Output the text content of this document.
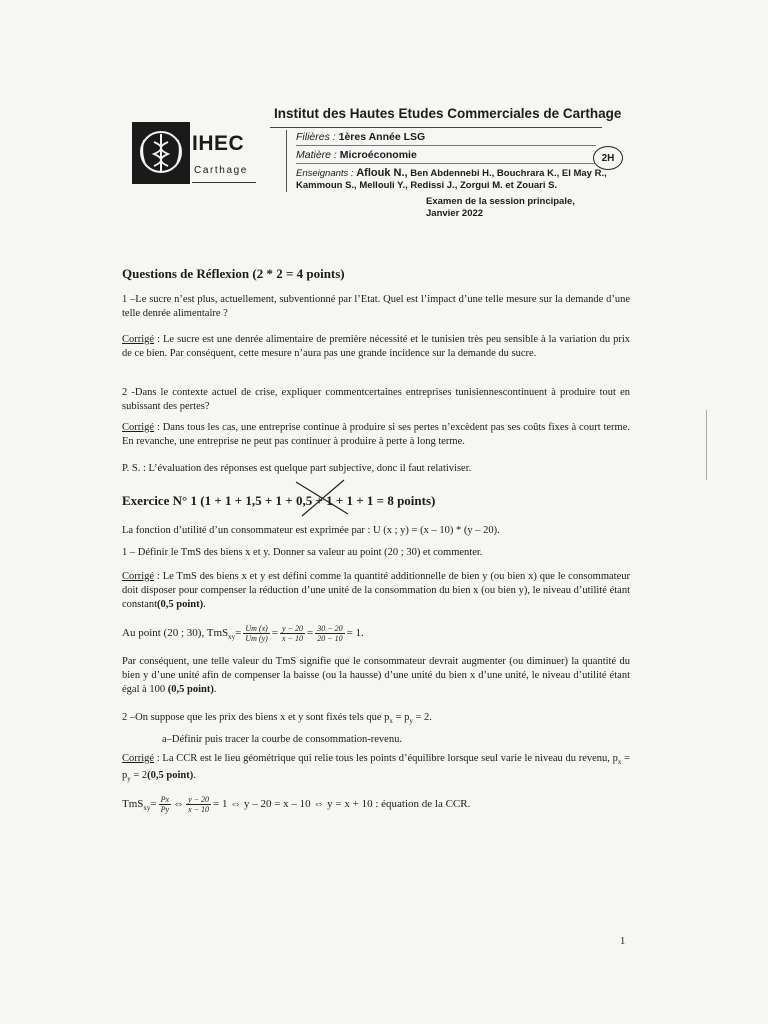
Institut des Hautes Etudes Commerciales de Carthage
IHEC
Carthage
Filières : 1ères Année LSG
Matière : Microéconomie	2H
Enseignants : Aflouk N., Ben Abdennebi H., Bouchrara K., El May R.,
Kammoun S., Mellouli Y., Redissi J., Zorgui M. et Zouari S.
Examen de la session principale,
Janvier 2022
Questions de Réflexion (2 * 2 = 4 points)
1 –Le sucre n’est plus, actuellement, subventionné par l’Etat. Quel est l’impact d’une telle mesure sur la demande d’une telle denrée alimentaire ?
Corrigé : Le sucre est une denrée alimentaire de première nécessité et le tunisien très peu sensible à la variation du prix de ce bien. Par conséquent, cette mesure n’aura pas une grande incidence sur la demande du sucre.
2 -Dans le contexte actuel de crise, expliquer commentcertaines entreprises tunisiennescontinuent à produire tout en subissant des pertes?
Corrigé : Dans tous les cas, une entreprise continue à produire si ses pertes n’excèdent pas ses coûts fixes à court terme. En revanche, une entreprise ne peut pas continuer à produire à perte à long terme.
P. S. : L’évaluation des réponses est quelque part subjective, donc il faut relativiser.
Exercice N° 1 (1 + 1 + 1,5 + 1 + 0,5 + 1 + 1 + 1 = 8 points)
La fonction d’utilité d’un consommateur est exprimée par : U (x ; y) = (x – 10) * (y – 20).
1 – Définir le TmS des biens x et y. Donner sa valeur au point (20 ; 30) et commenter.
Corrigé : Le TmS des biens x et y est défini comme la quantité additionnelle de bien y (ou bien x) que le consommateur doit disposer pour compenser la réduction d’une unité de la consommation du bien x (ou bien y), le niveau d’utilité étant constant(0,5 point).
Au point (20 ; 30), $TmS_{xy}= \frac{Um (x)}{Um (y)} = \frac{y - 20}{x - 10} = \frac{30 - 20}{20 - 10} = 1$.
Par conséquent, une telle valeur du TmS signifie que le consommateur devrait augmenter (ou diminuer) la quantité du bien y d’une unité afin de compenser la baisse (ou la hausse) d’une unité du bien x d’une unité, le niveau d’utilité étant égal à 100 (0,5 point).
2 –On suppose que les prix des biens x et y sont fixés tels que $p_x = p_y = 2$.
a–Définir puis tracer la courbe de consommation-revenu.
Corrigé : La CCR est le lieu géométrique qui relie tous les points d’équilibre lorsque seul varie le niveau du revenu, $p_x = p_y = 2(0,5$ point).
$TmS_{xy}= \frac{Px}{Py}$ ⇔ $\frac{y - 20}{x - 10} = 1$ ⇔ y – 20 = x – 10 ⇔ y = x + 10 : équation de la CCR.
1
